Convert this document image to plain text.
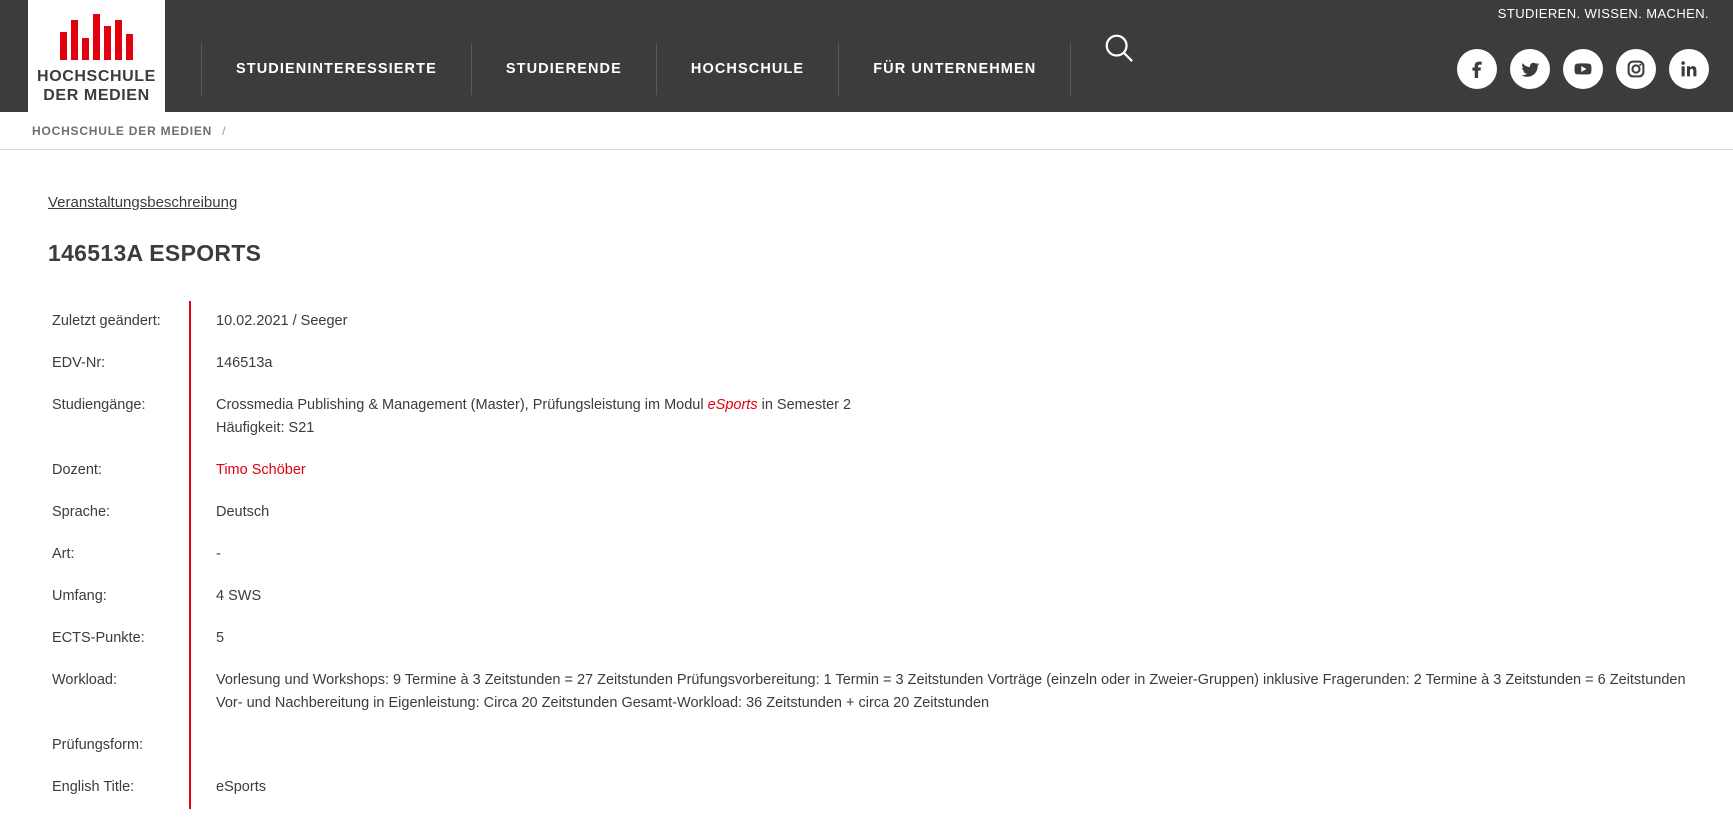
STUDIEREN. WISSEN. MACHEN.
HOCHSCHULE
DER MEDIEN
STUDIENINTERESSIERTE	STUDIERENDE	HOCHSCHULE	FÜR UNTERNEHMEN
HOCHSCHULE DER MEDIEN /
Veranstaltungsbeschreibung
146513A ESPORTS
Zuletzt geändert:	10.02.2021 / Seeger
EDV-Nr:	146513a
Studiengänge:	Crossmedia Publishing & Management (Master), Prüfungsleistung im Modul eSports in Semester 2
Häufigkeit: S21

Dozent:	Timo Schöber
Sprache:	Deutsch
Art:	-
Umfang:	4 SWS
ECTS-Punkte:	5
Workload:	Vorlesung und Workshops: 9 Termine à 3 Zeitstunden = 27 Zeitstunden Prüfungsvorbereitung: 1 Termin = 3 Zeitstunden Vorträge (einzeln oder in Zweier-Gruppen) inklusive Fragerunden: 2 Termine à 3 Zeitstunden = 6 Zeitstunden Vor- und Nachbereitung in Eigenleistung: Circa 20 Zeitstunden Gesamt-Workload: 36 Zeitstunden + circa 20 Zeitstunden
Prüfungsform:	
English Title:	eSports
